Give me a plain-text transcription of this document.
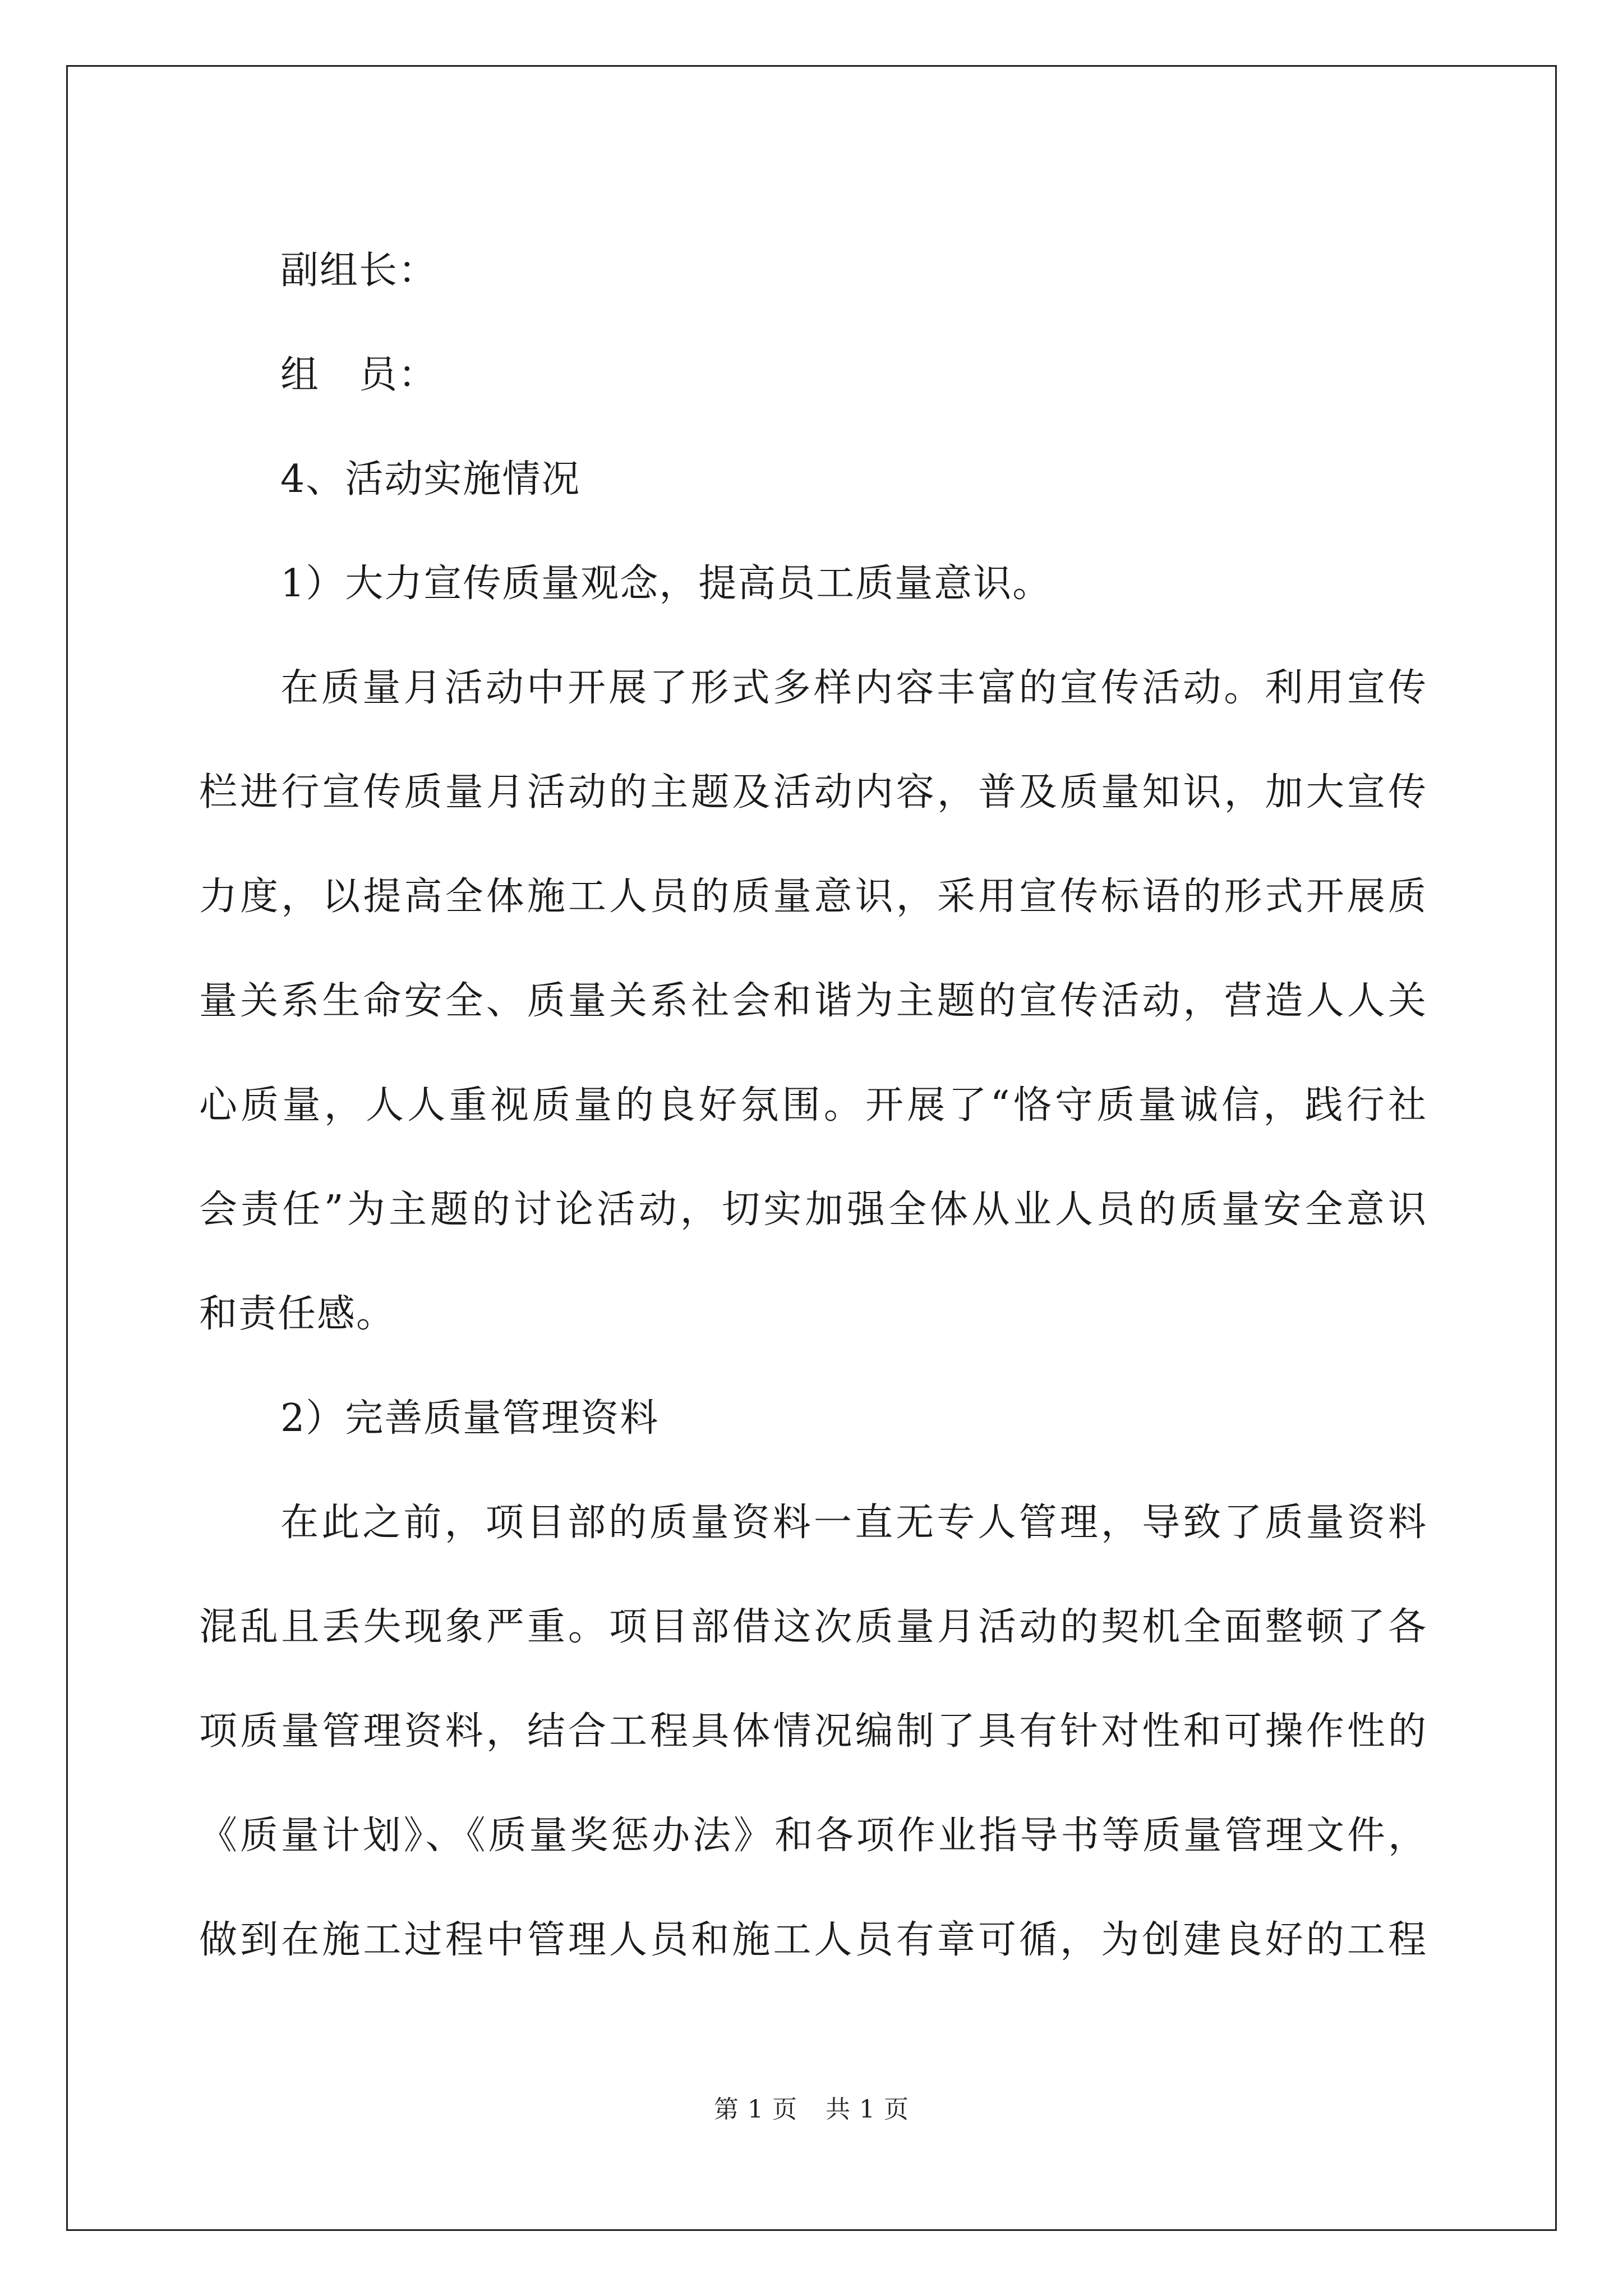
副组长：
组 员：
4、活动实施情况
1）大力宣传质量观念，提高员工质量意识。
在质量月活动中开展了形式多样内容丰富的宣传活动。利用宣传
栏进行宣传质量月活动的主题及活动内容，普及质量知识，加大宣传
力度，以提高全体施工人员的质量意识，采用宣传标语的形式开展质
量关系生命安全、质量关系社会和谐为主题的宣传活动，营造人人关
心质量，人人重视质量的良好氛围。开展了“恪守质量诚信，践行社
会责任”为主题的讨论活动，切实加强全体从业人员的质量安全意识
和责任感。
2）完善质量管理资料
在此之前，项目部的质量资料一直无专人管理，导致了质量资料
混乱且丢失现象严重。项目部借这次质量月活动的契机全面整顿了各
项质量管理资料，结合工程具体情况编制了具有针对性和可操作性的
《质量计划》、《质量奖惩办法》和各项作业指导书等质量管理文件，
做到在施工过程中管理人员和施工人员有章可循，为创建良好的工程
第 1 页 共 1 页
